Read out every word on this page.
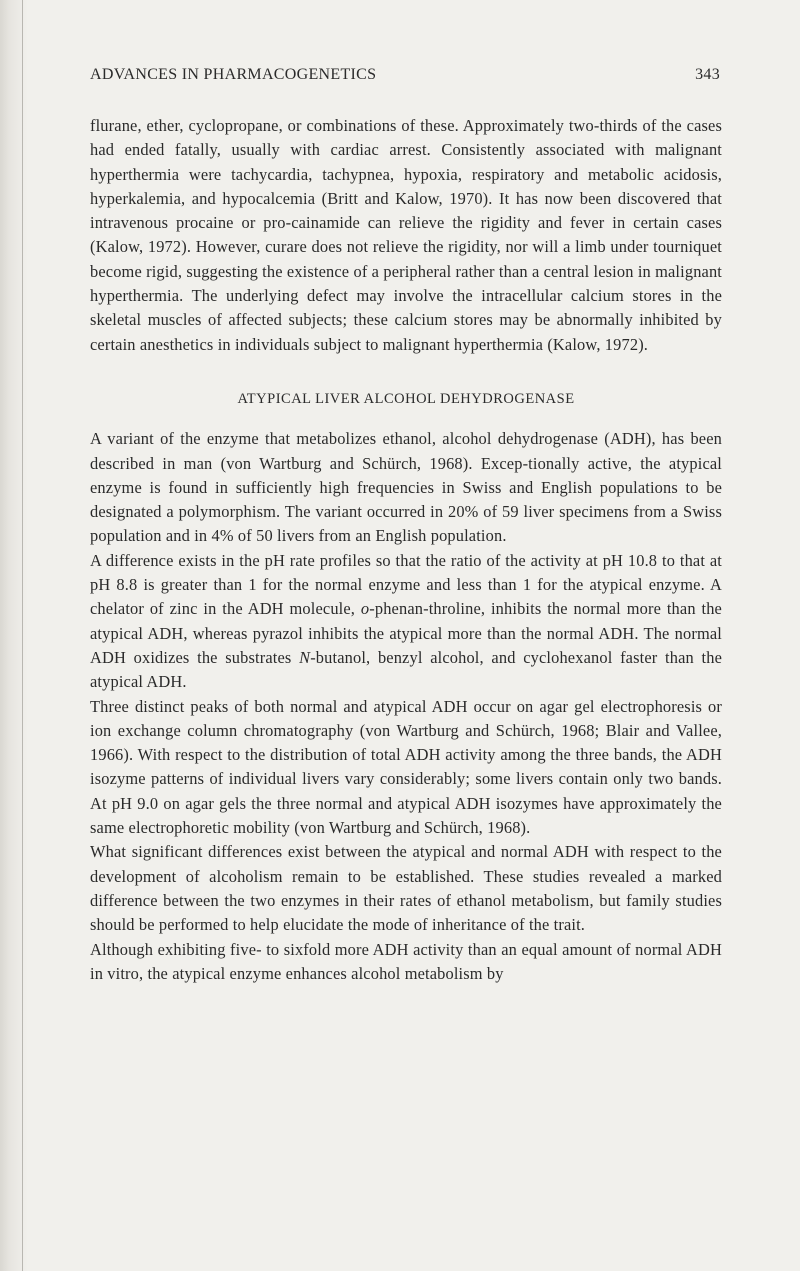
ADVANCES IN PHARMACOGENETICS	343

flurane, ether, cyclopropane, or combinations of these. Approximately two-thirds of the cases had ended fatally, usually with cardiac arrest. Consistently associated with malignant hyperthermia were tachycardia, tachypnea, hypoxia, respiratory and metabolic acidosis, hyperkalemia, and hypocalcemia (Britt and Kalow, 1970). It has now been discovered that intravenous procaine or pro-cainamide can relieve the rigidity and fever in certain cases (Kalow, 1972). However, curare does not relieve the rigidity, nor will a limb under tourniquet become rigid, suggesting the existence of a peripheral rather than a central lesion in malignant hyperthermia. The underlying defect may involve the intracellular calcium stores in the skeletal muscles of affected subjects; these calcium stores may be abnormally inhibited by certain anesthetics in individuals subject to malignant hyperthermia (Kalow, 1972).

ATYPICAL LIVER ALCOHOL DEHYDROGENASE

A variant of the enzyme that metabolizes ethanol, alcohol dehydrogenase (ADH), has been described in man (von Wartburg and Schürch, 1968). Excep-tionally active, the atypical enzyme is found in sufficiently high frequencies in Swiss and English populations to be designated a polymorphism. The variant occurred in 20% of 59 liver specimens from a Swiss population and in 4% of 50 livers from an English population.

A difference exists in the pH rate profiles so that the ratio of the activity at pH 10.8 to that at pH 8.8 is greater than 1 for the normal enzyme and less than 1 for the atypical enzyme. A chelator of zinc in the ADH molecule, o-phenan-throline, inhibits the normal more than the atypical ADH, whereas pyrazol inhibits the atypical more than the normal ADH. The normal ADH oxidizes the substrates N-butanol, benzyl alcohol, and cyclohexanol faster than the atypical ADH.

Three distinct peaks of both normal and atypical ADH occur on agar gel electrophoresis or ion exchange column chromatography (von Wartburg and Schürch, 1968; Blair and Vallee, 1966). With respect to the distribution of total ADH activity among the three bands, the ADH isozyme patterns of individual livers vary considerably; some livers contain only two bands. At pH 9.0 on agar gels the three normal and atypical ADH isozymes have approximately the same electrophoretic mobility (von Wartburg and Schürch, 1968).

What significant differences exist between the atypical and normal ADH with respect to the development of alcoholism remain to be established. These studies revealed a marked difference between the two enzymes in their rates of ethanol metabolism, but family studies should be performed to help elucidate the mode of inheritance of the trait.

Although exhibiting five- to sixfold more ADH activity than an equal amount of normal ADH in vitro, the atypical enzyme enhances alcohol metabolism by
